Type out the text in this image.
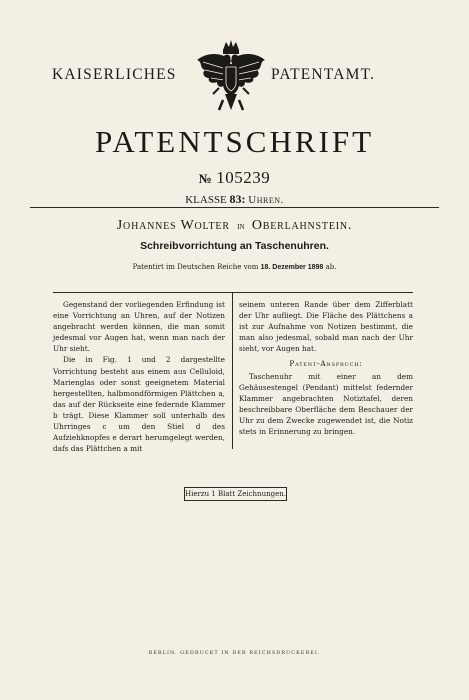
KAISERLICHES	PATENTAMT.
PATENTSCHRIFT
№ 105239
KLASSE 83: Uhren.
Johannes Wolter in Oberlahnstein.
Schreibvorrichtung an Taschenuhren.
Patentirt im Deutschen Reiche vom 18. Dezember 1898 ab.

Gegenstand der vorliegenden Erfindung ist eine Vorrichtung an Uhren, auf der Notizen angebracht werden können, die man somit jedesmal vor Augen hat, wenn man nach der Uhr sieht.

Die in Fig. 1 und 2 dargestellte Vorrichtung besteht aus einem aus Celluloid, Marienglas oder sonst geeignetem Material hergestellten, halbmondförmigen Plättchen a, das auf der Rückseite eine federnde Klammer b trägt. Diese Klammer soll unterhalb des Uhrringes c um den Stiel d des Aufziehknopfes e derart herumgelegt werden, dafs das Plättchen a mit

seinem unteren Rande über dem Zifferblatt der Uhr aufliegt. Die Fläche des Plättchens a ist zur Aufnahme von Notizen bestimmt, die man also jedesmal, sobald man nach der Uhr sieht, vor Augen hat.

Patent-Anspruch:

Taschenuhr mit einer an dem Gehäusestengel (Pendant) mittelst federnder Klammer angebrachten Notiztafel, deren beschreibbare Oberfläche dem Beschauer der Uhr zu dem Zwecke zugewendet ist, die Notiz stets in Erinnerung zu bringen.

Hierzu 1 Blatt Zeichnungen.
BERLIN. GEDRUCKT IN DER REICHSDRUCKEREI.
